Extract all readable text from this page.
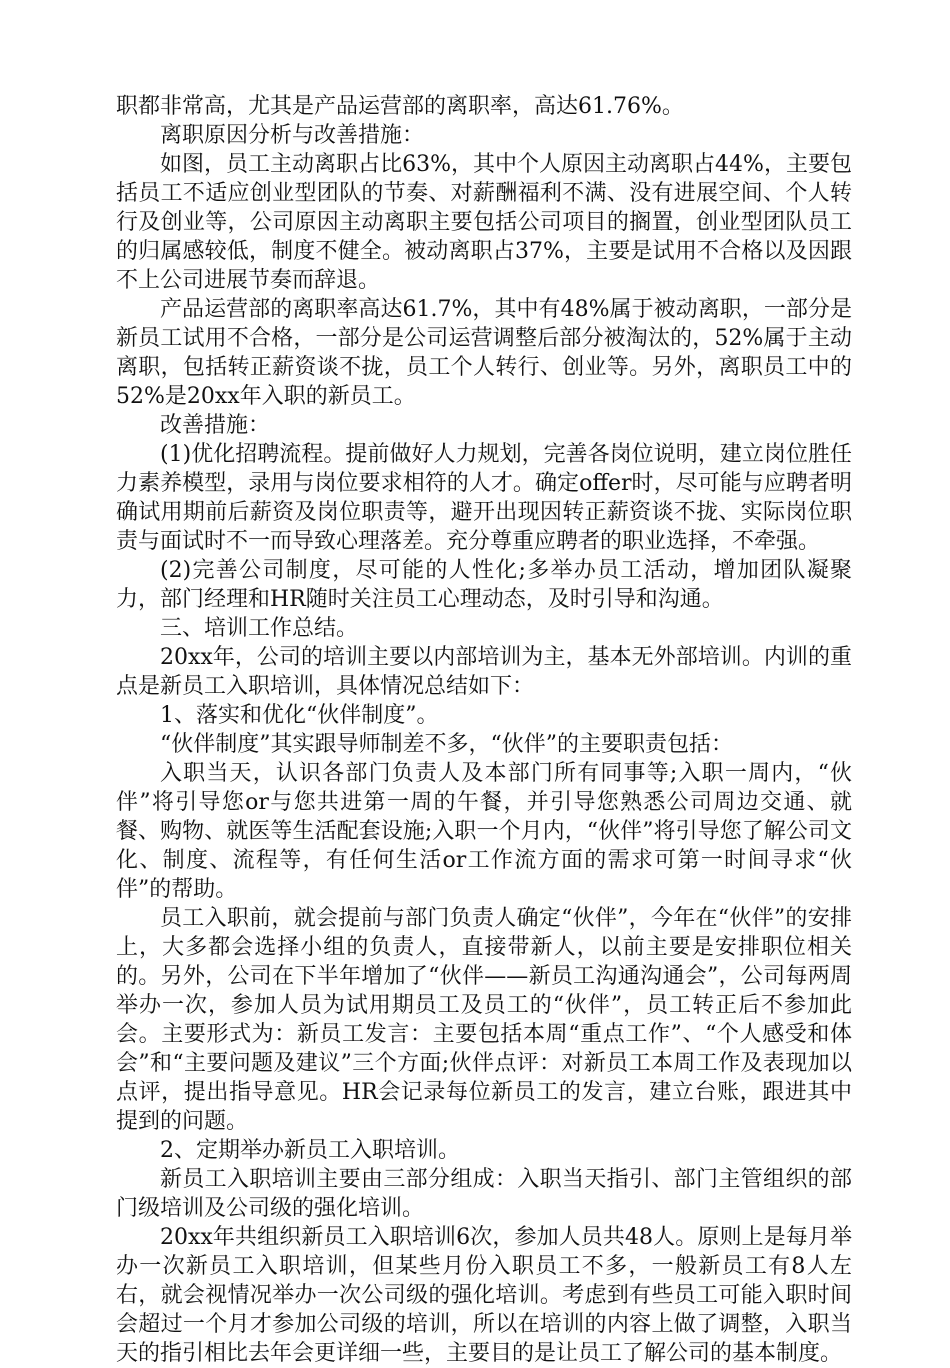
职都非常高，尤其是产品运营部的离职率，高达61.76%。

离职原因分析与改善措施：

如图，员工主动离职占比63%，其中个人原因主动离职占44%，主要包括员工不适应创业型团队的节奏、对薪酬福利不满、没有进展空间、个人转行及创业等，公司原因主动离职主要包括公司项目的搁置，创业型团队员工的归属感较低，制度不健全。被动离职占37%，主要是试用不合格以及因跟不上公司进展节奏而辞退。

产品运营部的离职率高达61.7%，其中有48%属于被动离职，一部分是新员工试用不合格，一部分是公司运营调整后部分被淘汰的，52%属于主动离职，包括转正薪资谈不拢，员工个人转行、创业等。另外，离职员工中的52%是20xx年入职的新员工。

改善措施：

(1)优化招聘流程。提前做好人力规划，完善各岗位说明，建立岗位胜任力素养模型，录用与岗位要求相符的人才。确定offer时，尽可能与应聘者明确试用期前后薪资及岗位职责等，避开出现因转正薪资谈不拢、实际岗位职责与面试时不一而导致心理落差。充分尊重应聘者的职业选择，不牵强。

(2)完善公司制度，尽可能的人性化;多举办员工活动，增加团队凝聚力，部门经理和HR随时关注员工心理动态，及时引导和沟通。

三、培训工作总结。

20xx年，公司的培训主要以内部培训为主，基本无外部培训。内训的重点是新员工入职培训，具体情况总结如下：

1、落实和优化“伙伴制度”。

“伙伴制度”其实跟导师制差不多，“伙伴”的主要职责包括：

入职当天，认识各部门负责人及本部门所有同事等;入职一周内，“伙伴”将引导您or与您共进第一周的午餐，并引导您熟悉公司周边交通、就餐、购物、就医等生活配套设施;入职一个月内，“伙伴”将引导您了解公司文化、制度、流程等，有任何生活or工作流方面的需求可第一时间寻求“伙伴”的帮助。

员工入职前，就会提前与部门负责人确定“伙伴”，今年在“伙伴”的安排上，大多都会选择小组的负责人，直接带新人，以前主要是安排职位相关的。另外，公司在下半年增加了“伙伴——新员工沟通沟通会”，公司每两周举办一次，参加人员为试用期员工及员工的“伙伴”，员工转正后不参加此会。主要形式为：新员工发言：主要包括本周“重点工作”、“个人感受和体会”和“主要问题及建议”三个方面;伙伴点评：对新员工本周工作及表现加以点评，提出指导意见。HR会记录每位新员工的发言，建立台账，跟进其中提到的问题。

2、定期举办新员工入职培训。

新员工入职培训主要由三部分组成：入职当天指引、部门主管组织的部门级培训及公司级的强化培训。

20xx年共组织新员工入职培训6次，参加人员共48人。原则上是每月举办一次新员工入职培训，但某些月份入职员工不多，一般新员工有8人左右，就会视情况举办一次公司级的强化培训。考虑到有些员工可能入职时间会超过一个月才参加公司级的培训，所以在培训的内容上做了调整，入职当天的指引相比去年会更详细一些，主要目的是让员工了解公司的基本制度。
